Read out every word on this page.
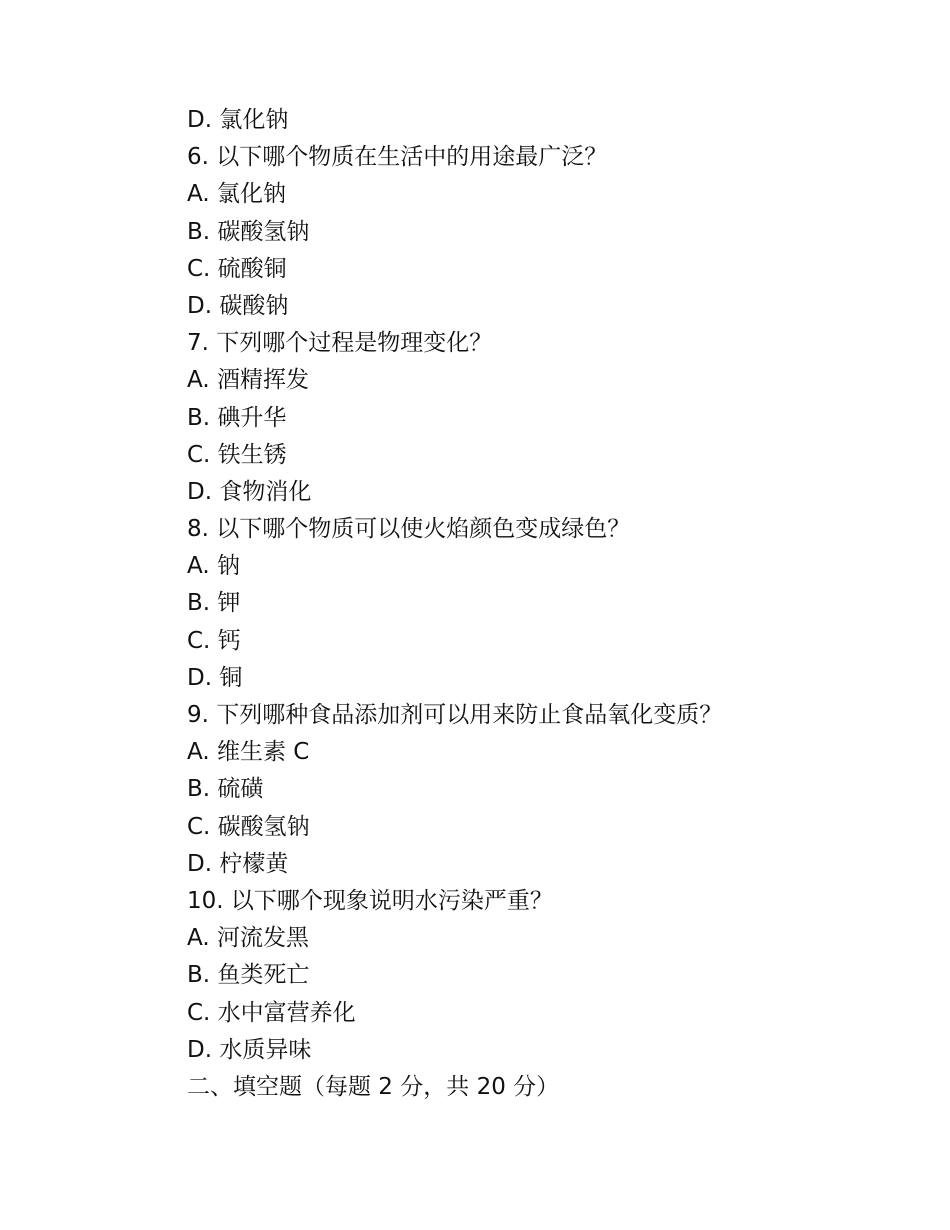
D. 氯化钠
6. 以下哪个物质在生活中的用途最广泛？
A. 氯化钠
B. 碳酸氢钠
C. 硫酸铜
D. 碳酸钠
7. 下列哪个过程是物理变化？
A. 酒精挥发
B. 碘升华
C. 铁生锈
D. 食物消化
8. 以下哪个物质可以使火焰颜色变成绿色？
A. 钠
B. 钾
C. 钙
D. 铜
9. 下列哪种食品添加剂可以用来防止食品氧化变质？
A. 维生素 C
B. 硫磺
C. 碳酸氢钠
D. 柠檬黄
10. 以下哪个现象说明水污染严重？
A. 河流发黑
B. 鱼类死亡
C. 水中富营养化
D. 水质异味
二、填空题（每题 2 分，共 20 分）
